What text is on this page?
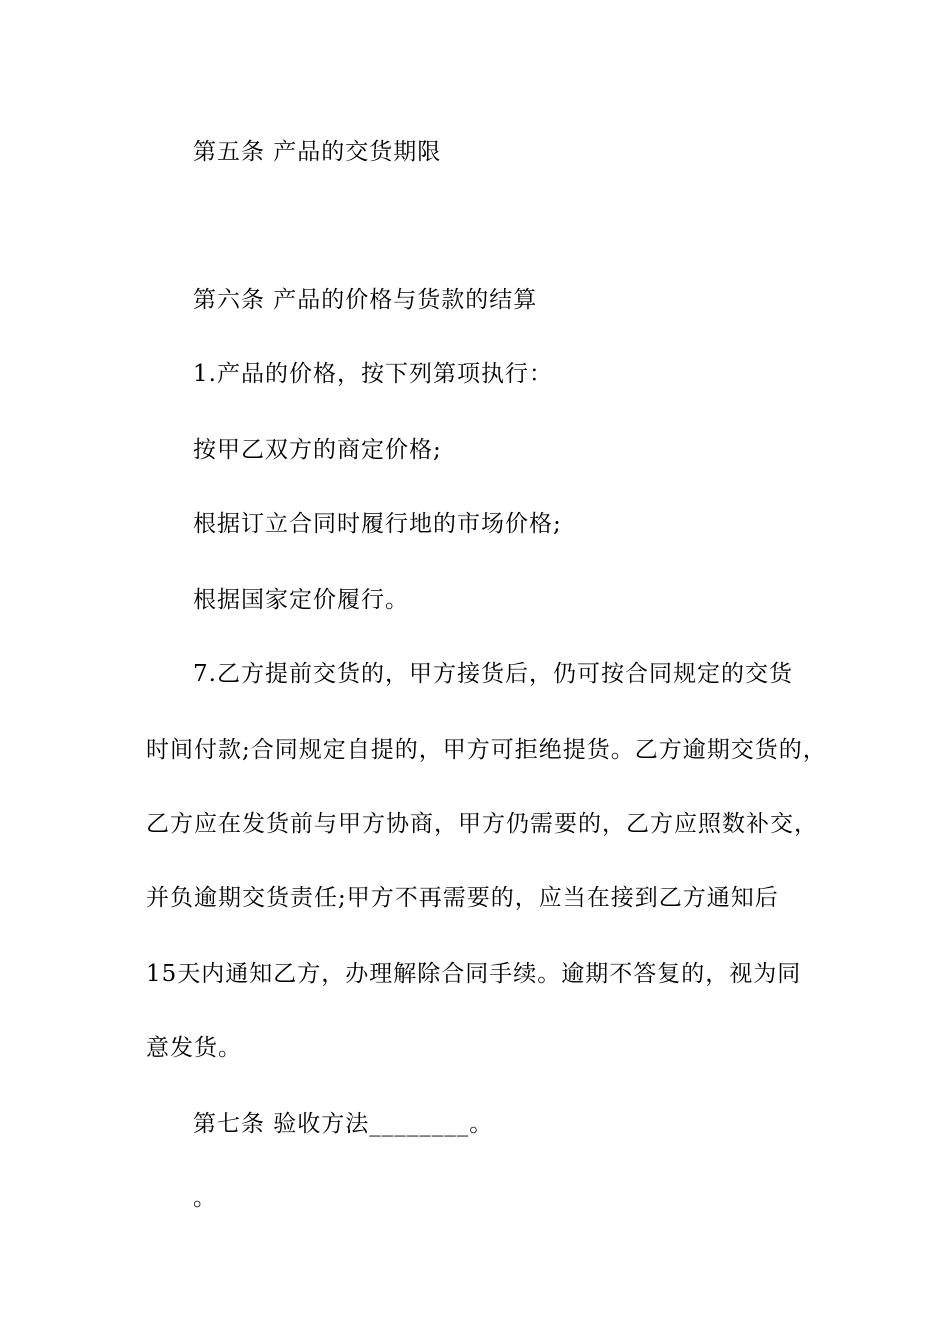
第五条 产品的交货期限
第六条 产品的价格与货款的结算
1.产品的价格，按下列第项执行：
按甲乙双方的商定价格;
根据订立合同时履行地的市场价格;
根据国家定价履行。
7.乙方提前交货的，甲方接货后，仍可按合同规定的交货
时间付款;合同规定自提的，甲方可拒绝提货。乙方逾期交货的，
乙方应在发货前与甲方协商，甲方仍需要的，乙方应照数补交，
并负逾期交货责任;甲方不再需要的，应当在接到乙方通知后
15天内通知乙方，办理解除合同手续。逾期不答复的，视为同
意发货。
第七条 验收方法________。
。
